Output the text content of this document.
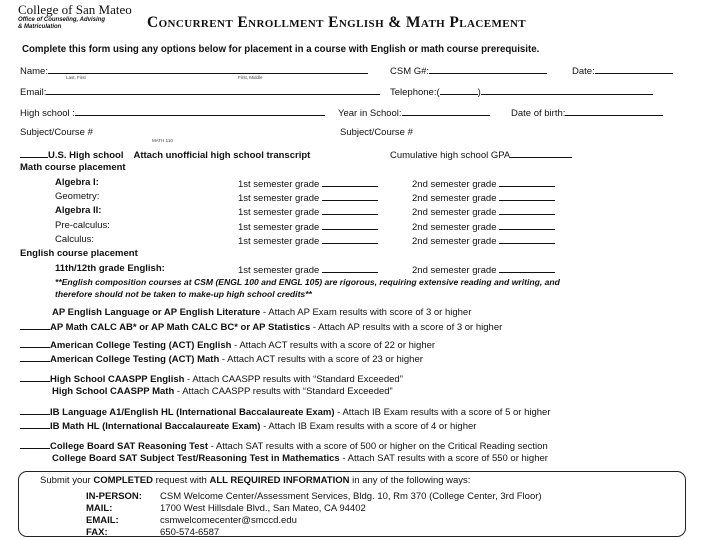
College of San Mateo
Office of Counseling, Advising
& Matriculation	Concurrent Enrollment English & Math Placement
Complete this form using any options below for placement in a course with English or math course prerequisite.
Name:
Last, First	First, Middle
CSM G#:	Date:
Email:	Telephone:(	)
High school :	Year in School:	Date of birth:
Subject/Course #
MATH 110
Subject/Course #
U.S. High school Attach unofficial high school transcript	Cumulative high school GPA
Math course placement
Algebra I:	1st semester grade	2nd semester grade
Geometry:	1st semester grade	2nd semester grade
Algebra II:	1st semester grade	2nd semester grade
Pre-calculus:	1st semester grade	2nd semester grade
Calculus:	1st semester grade	2nd semester grade
English course placement
11th/12th grade English:	1st semester grade	2nd semester grade
**English composition courses at CSM (ENGL 100 and ENGL 105) are rigorous, requiring extensive reading and writing, and
therefore should not be taken to make-up high school credits**
AP English Language or AP English Literature - Attach AP Exam results with score of 3 or higher
AP Math CALC AB* or AP Math CALC BC* or AP Statistics - Attach AP results with a score of 3 or higher
American College Testing (ACT) English - Attach ACT results with a score of 22 or higher
American College Testing (ACT) Math - Attach ACT results with a score of 23 or higher
High School CAASPP English - Attach CAASPP results with “Standard Exceeded”
High School CAASPP Math - Attach CAASPP results with “Standard Exceeded”
IB Language A1/English HL (International Baccalaureate Exam) - Attach IB Exam results with a score of 5 or higher
IB Math HL (International Baccalaureate Exam) - Attach IB Exam results with a score of 4 or higher
College Board SAT Reasoning Test - Attach SAT results with a score of 500 or higher on the Critical Reading section
College Board SAT Subject Test/Reasoning Test in Mathematics - Attach SAT results with a score of 550 or higher
Submit your COMPLETED request with ALL REQUIRED INFORMATION in any of the following ways:
IN-PERSON: CSM Welcome Center/Assessment Services, Bldg. 10, Rm 370 (College Center, 3rd Floor)
MAIL:	1700 West Hillsdale Blvd., San Mateo, CA 94402
EMAIL:	csmwelcomecenter@smccd.edu
FAX:	650-574-6587
